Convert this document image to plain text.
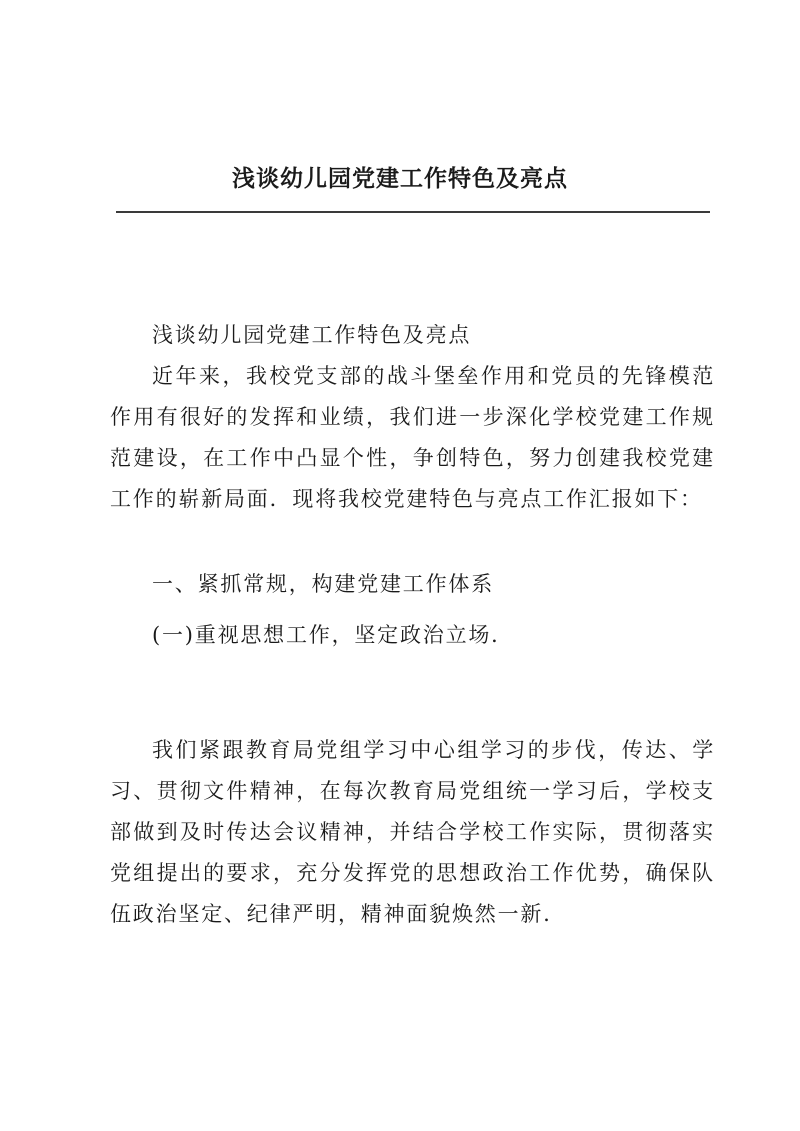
浅谈幼儿园党建工作特色及亮点

浅谈幼儿园党建工作特色及亮点

近年来，我校党支部的战斗堡垒作用和党员的先锋模范作用有很好的发挥和业绩，我们进一步深化学校党建工作规范建设，在工作中凸显个性，争创特色，努力创建我校党建工作的崭新局面．现将我校党建特色与亮点工作汇报如下：

一、紧抓常规，构建党建工作体系

(一)重视思想工作，坚定政治立场．

我们紧跟教育局党组学习中心组学习的步伐，传达、学习、贯彻文件精神，在每次教育局党组统一学习后，学校支部做到及时传达会议精神，并结合学校工作实际，贯彻落实党组提出的要求，充分发挥党的思想政治工作优势，确保队伍政治坚定、纪律严明，精神面貌焕然一新．
